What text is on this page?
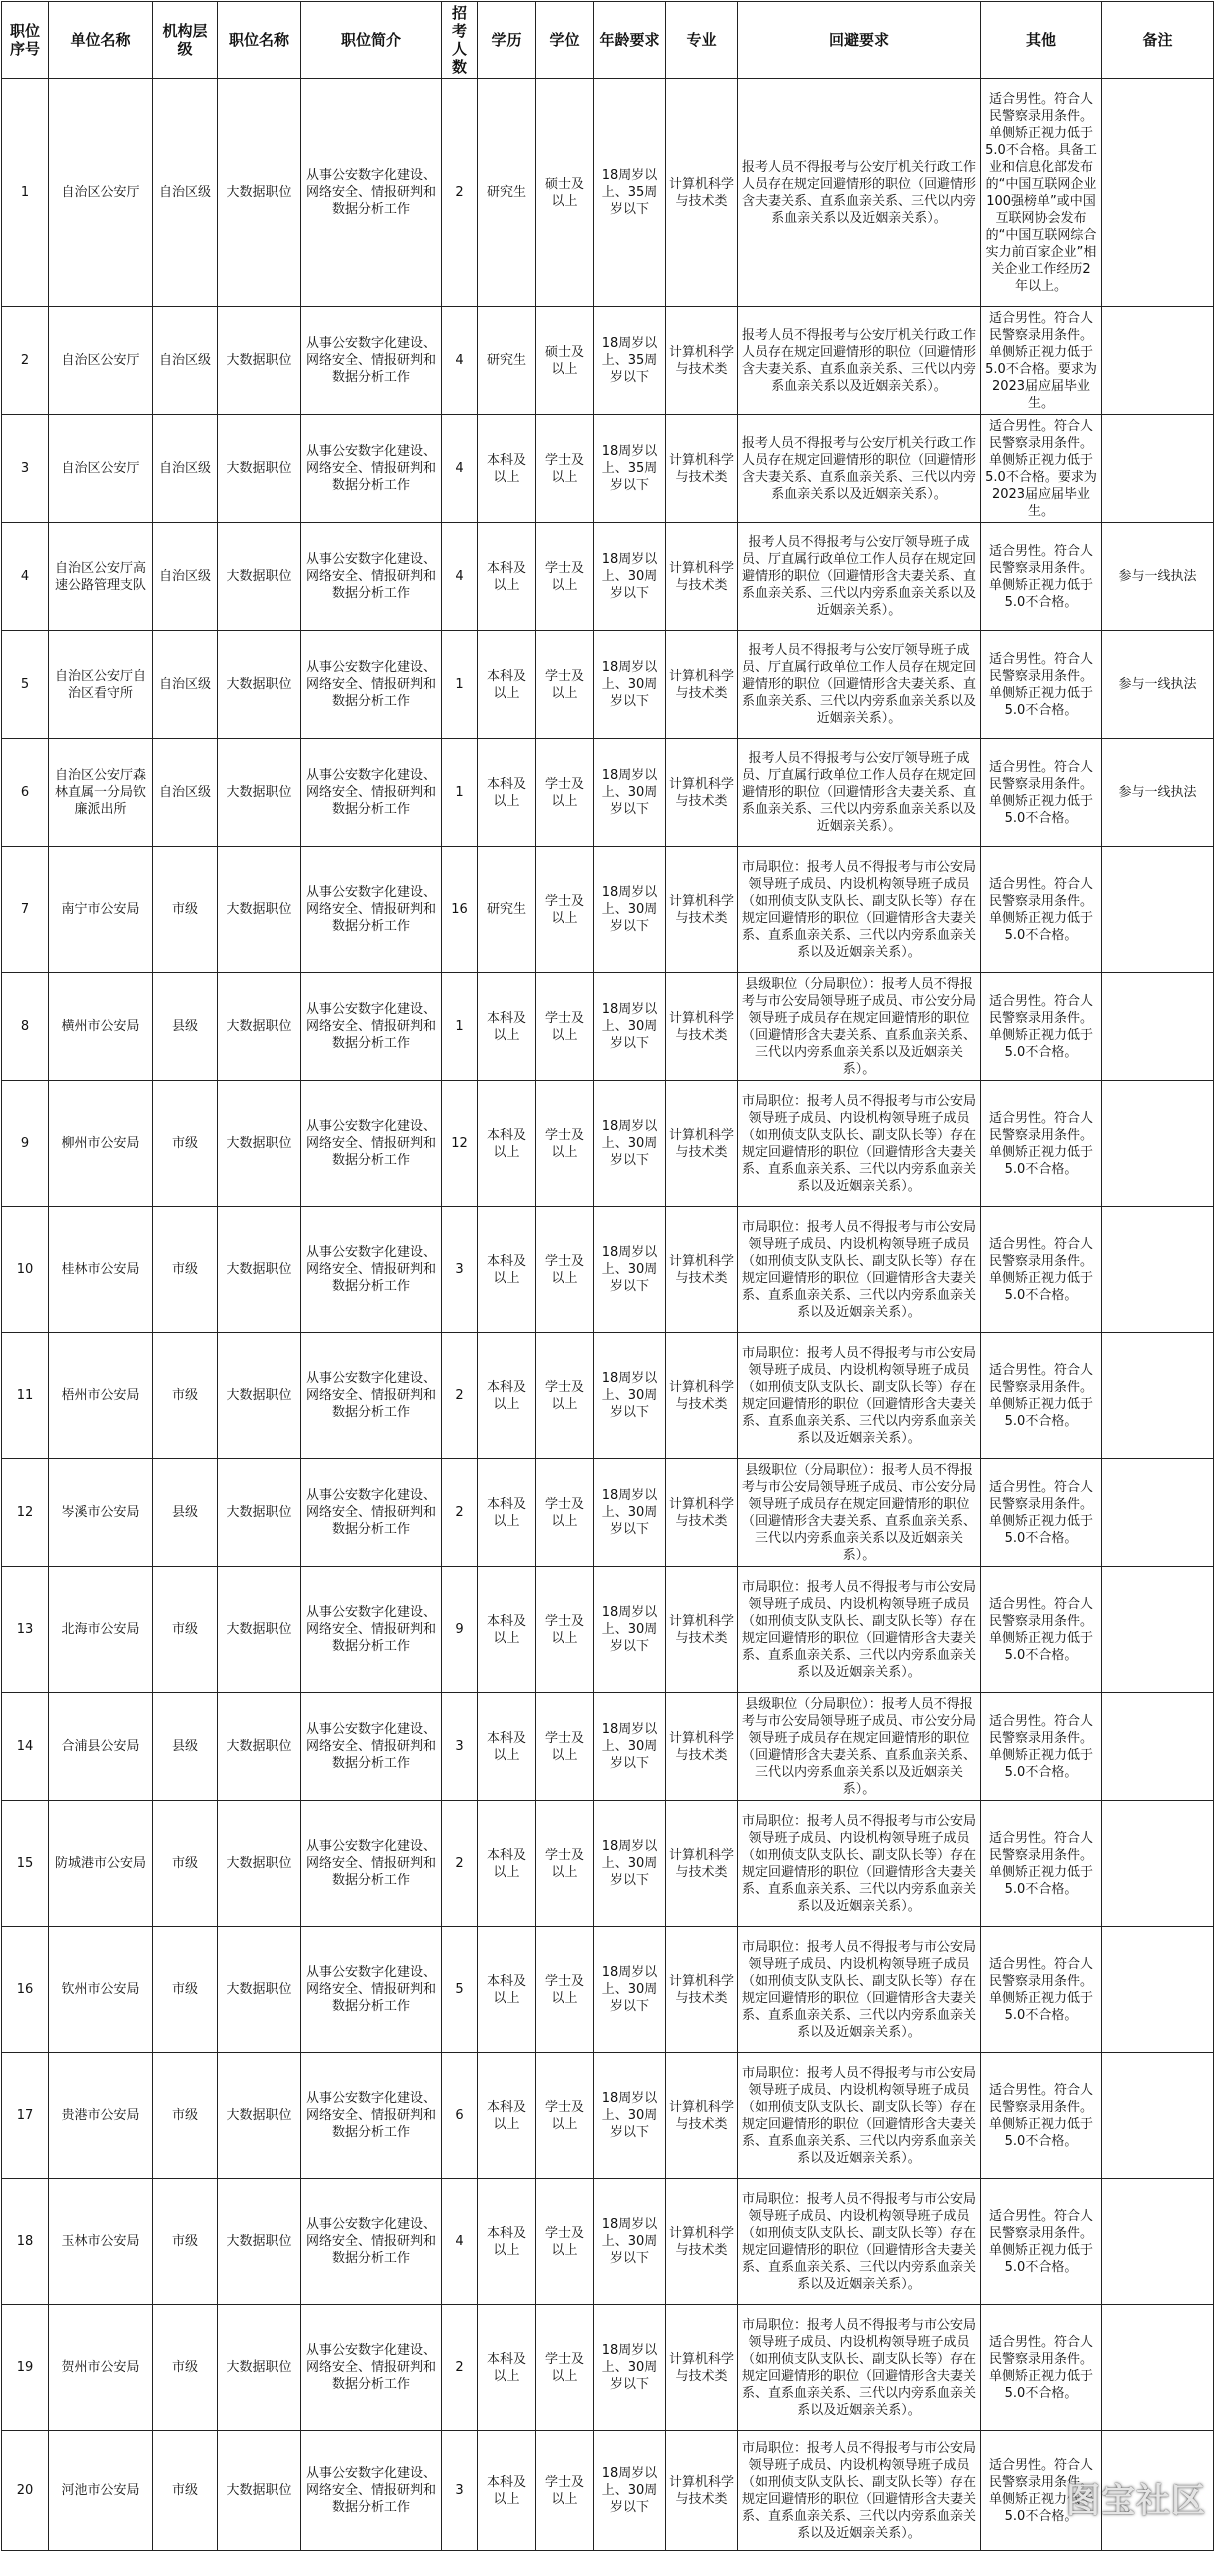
职位序号	单位名称	机构层级	职位名称	职位简介	招考人数	学历	学位	年龄要求	专业	回避要求	其他	备注
1	自治区公安厅	自治区级	大数据职位	从事公安数字化建设、网络安全、情报研判和数据分析工作	2	研究生	硕士及以上	18周岁以上、35周岁以下	计算机科学与技术类	报考人员不得报考与公安厅机关行政工作人员存在规定回避情形的职位（回避情形含夫妻关系、直系血亲关系、三代以内旁系血亲关系以及近姻亲关系）。	适合男性。符合人民警察录用条件。单侧矫正视力低于5.0不合格。具备工业和信息化部发布的“中国互联网企业100强榜单”或中国互联网协会发布的“中国互联网综合实力前百家企业”相关企业工作经历2年以上。	
2	自治区公安厅	自治区级	大数据职位	从事公安数字化建设、网络安全、情报研判和数据分析工作	4	研究生	硕士及以上	18周岁以上、35周岁以下	计算机科学与技术类	报考人员不得报考与公安厅机关行政工作人员存在规定回避情形的职位（回避情形含夫妻关系、直系血亲关系、三代以内旁系血亲关系以及近姻亲关系）。	适合男性。符合人民警察录用条件。单侧矫正视力低于5.0不合格。要求为2023届应届毕业生。	
3	自治区公安厅	自治区级	大数据职位	从事公安数字化建设、网络安全、情报研判和数据分析工作	4	本科及以上	学士及以上	18周岁以上、35周岁以下	计算机科学与技术类	报考人员不得报考与公安厅机关行政工作人员存在规定回避情形的职位（回避情形含夫妻关系、直系血亲关系、三代以内旁系血亲关系以及近姻亲关系）。	适合男性。符合人民警察录用条件。单侧矫正视力低于5.0不合格。要求为2023届应届毕业生。	
4	自治区公安厅高速公路管理支队	自治区级	大数据职位	从事公安数字化建设、网络安全、情报研判和数据分析工作	4	本科及以上	学士及以上	18周岁以上、30周岁以下	计算机科学与技术类	报考人员不得报考与公安厅领导班子成员、厅直属行政单位工作人员存在规定回避情形的职位（回避情形含夫妻关系、直系血亲关系、三代以内旁系血亲关系以及近姻亲关系）。	适合男性。符合人民警察录用条件。单侧矫正视力低于5.0不合格。	参与一线执法
5	自治区公安厅自治区看守所	自治区级	大数据职位	从事公安数字化建设、网络安全、情报研判和数据分析工作	1	本科及以上	学士及以上	18周岁以上、30周岁以下	计算机科学与技术类	报考人员不得报考与公安厅领导班子成员、厅直属行政单位工作人员存在规定回避情形的职位（回避情形含夫妻关系、直系血亲关系、三代以内旁系血亲关系以及近姻亲关系）。	适合男性。符合人民警察录用条件。单侧矫正视力低于5.0不合格。	参与一线执法
6	自治区公安厅森林直属一分局钦廉派出所	自治区级	大数据职位	从事公安数字化建设、网络安全、情报研判和数据分析工作	1	本科及以上	学士及以上	18周岁以上、30周岁以下	计算机科学与技术类	报考人员不得报考与公安厅领导班子成员、厅直属行政单位工作人员存在规定回避情形的职位（回避情形含夫妻关系、直系血亲关系、三代以内旁系血亲关系以及近姻亲关系）。	适合男性。符合人民警察录用条件。单侧矫正视力低于5.0不合格。	参与一线执法
7	南宁市公安局	市级	大数据职位	从事公安数字化建设、网络安全、情报研判和数据分析工作	16	研究生	学士及以上	18周岁以上、30周岁以下	计算机科学与技术类	市局职位：报考人员不得报考与市公安局领导班子成员、内设机构领导班子成员（如刑侦支队支队长、副支队长等）存在规定回避情形的职位（回避情形含夫妻关系、直系血亲关系、三代以内旁系血亲关系以及近姻亲关系）。	适合男性。符合人民警察录用条件。单侧矫正视力低于5.0不合格。	
8	横州市公安局	县级	大数据职位	从事公安数字化建设、网络安全、情报研判和数据分析工作	1	本科及以上	学士及以上	18周岁以上、30周岁以下	计算机科学与技术类	县级职位（分局职位）：报考人员不得报考与市公安局领导班子成员、市公安分局领导班子成员存在规定回避情形的职位（回避情形含夫妻关系、直系血亲关系、三代以内旁系血亲关系以及近姻亲关系）。	适合男性。符合人民警察录用条件。单侧矫正视力低于5.0不合格。	
9	柳州市公安局	市级	大数据职位	从事公安数字化建设、网络安全、情报研判和数据分析工作	12	本科及以上	学士及以上	18周岁以上、30周岁以下	计算机科学与技术类	市局职位：报考人员不得报考与市公安局领导班子成员、内设机构领导班子成员（如刑侦支队支队长、副支队长等）存在规定回避情形的职位（回避情形含夫妻关系、直系血亲关系、三代以内旁系血亲关系以及近姻亲关系）。	适合男性。符合人民警察录用条件。单侧矫正视力低于5.0不合格。	
10	桂林市公安局	市级	大数据职位	从事公安数字化建设、网络安全、情报研判和数据分析工作	3	本科及以上	学士及以上	18周岁以上、30周岁以下	计算机科学与技术类	市局职位：报考人员不得报考与市公安局领导班子成员、内设机构领导班子成员（如刑侦支队支队长、副支队长等）存在规定回避情形的职位（回避情形含夫妻关系、直系血亲关系、三代以内旁系血亲关系以及近姻亲关系）。	适合男性。符合人民警察录用条件。单侧矫正视力低于5.0不合格。	
11	梧州市公安局	市级	大数据职位	从事公安数字化建设、网络安全、情报研判和数据分析工作	2	本科及以上	学士及以上	18周岁以上、30周岁以下	计算机科学与技术类	市局职位：报考人员不得报考与市公安局领导班子成员、内设机构领导班子成员（如刑侦支队支队长、副支队长等）存在规定回避情形的职位（回避情形含夫妻关系、直系血亲关系、三代以内旁系血亲关系以及近姻亲关系）。	适合男性。符合人民警察录用条件。单侧矫正视力低于5.0不合格。	
12	岑溪市公安局	县级	大数据职位	从事公安数字化建设、网络安全、情报研判和数据分析工作	2	本科及以上	学士及以上	18周岁以上、30周岁以下	计算机科学与技术类	县级职位（分局职位）：报考人员不得报考与市公安局领导班子成员、市公安分局领导班子成员存在规定回避情形的职位（回避情形含夫妻关系、直系血亲关系、三代以内旁系血亲关系以及近姻亲关系）。	适合男性。符合人民警察录用条件。单侧矫正视力低于5.0不合格。	
13	北海市公安局	市级	大数据职位	从事公安数字化建设、网络安全、情报研判和数据分析工作	9	本科及以上	学士及以上	18周岁以上、30周岁以下	计算机科学与技术类	市局职位：报考人员不得报考与市公安局领导班子成员、内设机构领导班子成员（如刑侦支队支队长、副支队长等）存在规定回避情形的职位（回避情形含夫妻关系、直系血亲关系、三代以内旁系血亲关系以及近姻亲关系）。	适合男性。符合人民警察录用条件。单侧矫正视力低于5.0不合格。	
14	合浦县公安局	县级	大数据职位	从事公安数字化建设、网络安全、情报研判和数据分析工作	3	本科及以上	学士及以上	18周岁以上、30周岁以下	计算机科学与技术类	县级职位（分局职位）：报考人员不得报考与市公安局领导班子成员、市公安分局领导班子成员存在规定回避情形的职位（回避情形含夫妻关系、直系血亲关系、三代以内旁系血亲关系以及近姻亲关系）。	适合男性。符合人民警察录用条件。单侧矫正视力低于5.0不合格。	
15	防城港市公安局	市级	大数据职位	从事公安数字化建设、网络安全、情报研判和数据分析工作	2	本科及以上	学士及以上	18周岁以上、30周岁以下	计算机科学与技术类	市局职位：报考人员不得报考与市公安局领导班子成员、内设机构领导班子成员（如刑侦支队支队长、副支队长等）存在规定回避情形的职位（回避情形含夫妻关系、直系血亲关系、三代以内旁系血亲关系以及近姻亲关系）。	适合男性。符合人民警察录用条件。单侧矫正视力低于5.0不合格。	
16	钦州市公安局	市级	大数据职位	从事公安数字化建设、网络安全、情报研判和数据分析工作	5	本科及以上	学士及以上	18周岁以上、30周岁以下	计算机科学与技术类	市局职位：报考人员不得报考与市公安局领导班子成员、内设机构领导班子成员（如刑侦支队支队长、副支队长等）存在规定回避情形的职位（回避情形含夫妻关系、直系血亲关系、三代以内旁系血亲关系以及近姻亲关系）。	适合男性。符合人民警察录用条件。单侧矫正视力低于5.0不合格。	
17	贵港市公安局	市级	大数据职位	从事公安数字化建设、网络安全、情报研判和数据分析工作	6	本科及以上	学士及以上	18周岁以上、30周岁以下	计算机科学与技术类	市局职位：报考人员不得报考与市公安局领导班子成员、内设机构领导班子成员（如刑侦支队支队长、副支队长等）存在规定回避情形的职位（回避情形含夫妻关系、直系血亲关系、三代以内旁系血亲关系以及近姻亲关系）。	适合男性。符合人民警察录用条件。单侧矫正视力低于5.0不合格。	
18	玉林市公安局	市级	大数据职位	从事公安数字化建设、网络安全、情报研判和数据分析工作	4	本科及以上	学士及以上	18周岁以上、30周岁以下	计算机科学与技术类	市局职位：报考人员不得报考与市公安局领导班子成员、内设机构领导班子成员（如刑侦支队支队长、副支队长等）存在规定回避情形的职位（回避情形含夫妻关系、直系血亲关系、三代以内旁系血亲关系以及近姻亲关系）。	适合男性。符合人民警察录用条件。单侧矫正视力低于5.0不合格。	
19	贺州市公安局	市级	大数据职位	从事公安数字化建设、网络安全、情报研判和数据分析工作	2	本科及以上	学士及以上	18周岁以上、30周岁以下	计算机科学与技术类	市局职位：报考人员不得报考与市公安局领导班子成员、内设机构领导班子成员（如刑侦支队支队长、副支队长等）存在规定回避情形的职位（回避情形含夫妻关系、直系血亲关系、三代以内旁系血亲关系以及近姻亲关系）。	适合男性。符合人民警察录用条件。单侧矫正视力低于5.0不合格。	
20	河池市公安局	市级	大数据职位	从事公安数字化建设、网络安全、情报研判和数据分析工作	3	本科及以上	学士及以上	18周岁以上、30周岁以下	计算机科学与技术类	市局职位：报考人员不得报考与市公安局领导班子成员、内设机构领导班子成员（如刑侦支队支队长、副支队长等）存在规定回避情形的职位（回避情形含夫妻关系、直系血亲关系、三代以内旁系血亲关系以及近姻亲关系）。	适合男性。符合人民警察录用条件。单侧矫正视力低于5.0不合格。	
图宝社区
